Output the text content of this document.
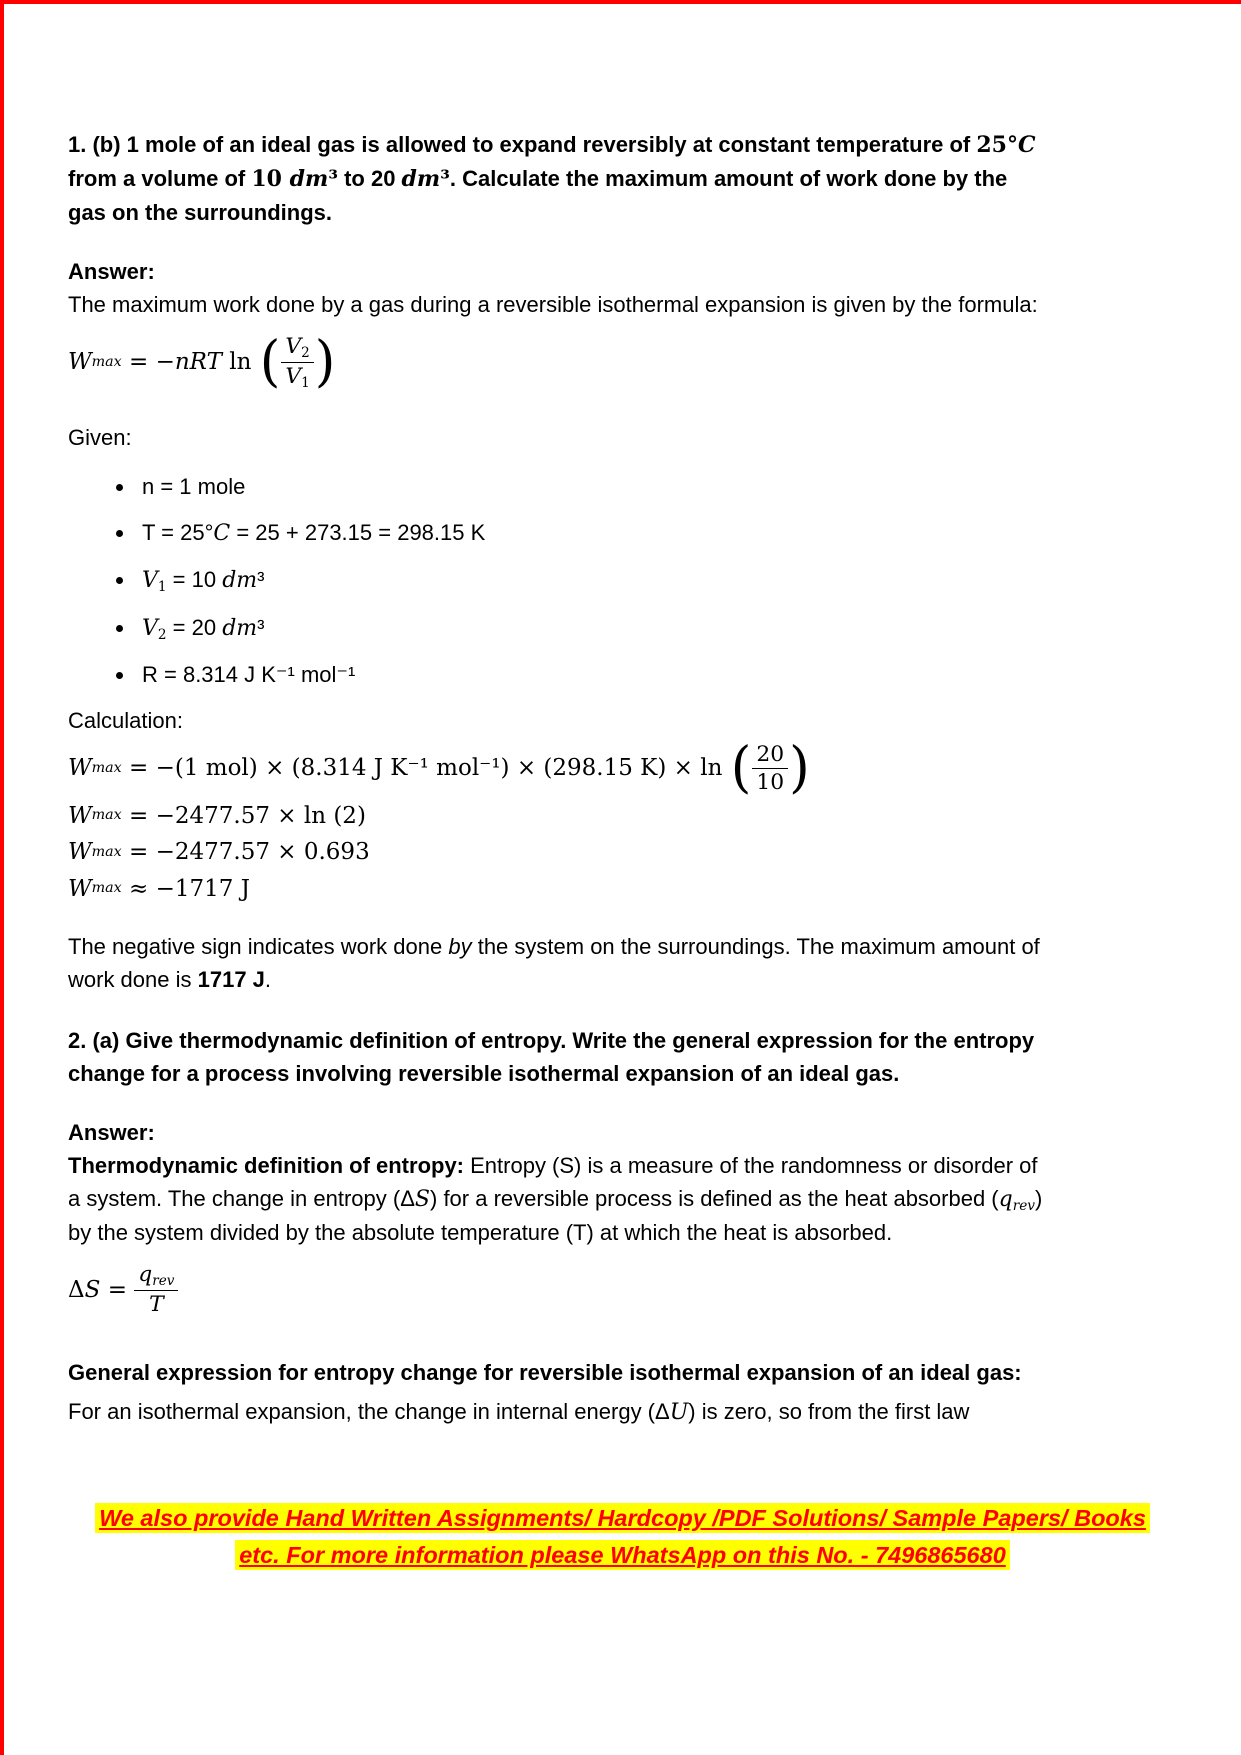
1. (b) 1 mole of an ideal gas is allowed to expand reversibly at constant temperature of 25°C from a volume of 10 dm³ to 20 dm³. Calculate the maximum amount of work done by the gas on the surroundings.

Answer:

The maximum work done by a gas during a reversible isothermal expansion is given by the formula:

W max = − nRT ln ( $\frac{V2}{V1}$ )

Given:

• n = 1 mole
• T = 25°C = 25 + 273.15 = 298.15 K
• V1 = 10 dm³
• V2 = 20 dm³
• R = 8.314 J K⁻¹ mol⁻¹

Calculation:

W max = −(1 mol) × (8.314 J K⁻¹ mol⁻¹) × (298.15 K) × ln ( $\frac{20}{10}$ )
W max = −2477.57 × ln (2)
W max = −2477.57 × 0.693
W max ≈ −1717 J

The negative sign indicates work done by the system on the surroundings. The maximum amount of work done is 1717 J.

2. (a) Give thermodynamic definition of entropy. Write the general expression for the entropy change for a process involving reversible isothermal expansion of an ideal gas.

Answer:

Thermodynamic definition of entropy: Entropy (S) is a measure of the randomness or disorder of a system. The change in entropy (ΔS) for a reversible process is defined as the heat absorbed (qrev) by the system divided by the absolute temperature (T) at which the heat is absorbed.

Δ $S = \frac{\text{qrev}}{T}$

General expression for entropy change for reversible isothermal expansion of an ideal gas:

For an isothermal expansion, the change in internal energy (ΔU) is zero, so from the first law

We also provide Hand Written Assignments/ Hardcopy /PDF Solutions/ Sample Papers/ Books etc. For more information please WhatsApp on this No. - 7496865680
